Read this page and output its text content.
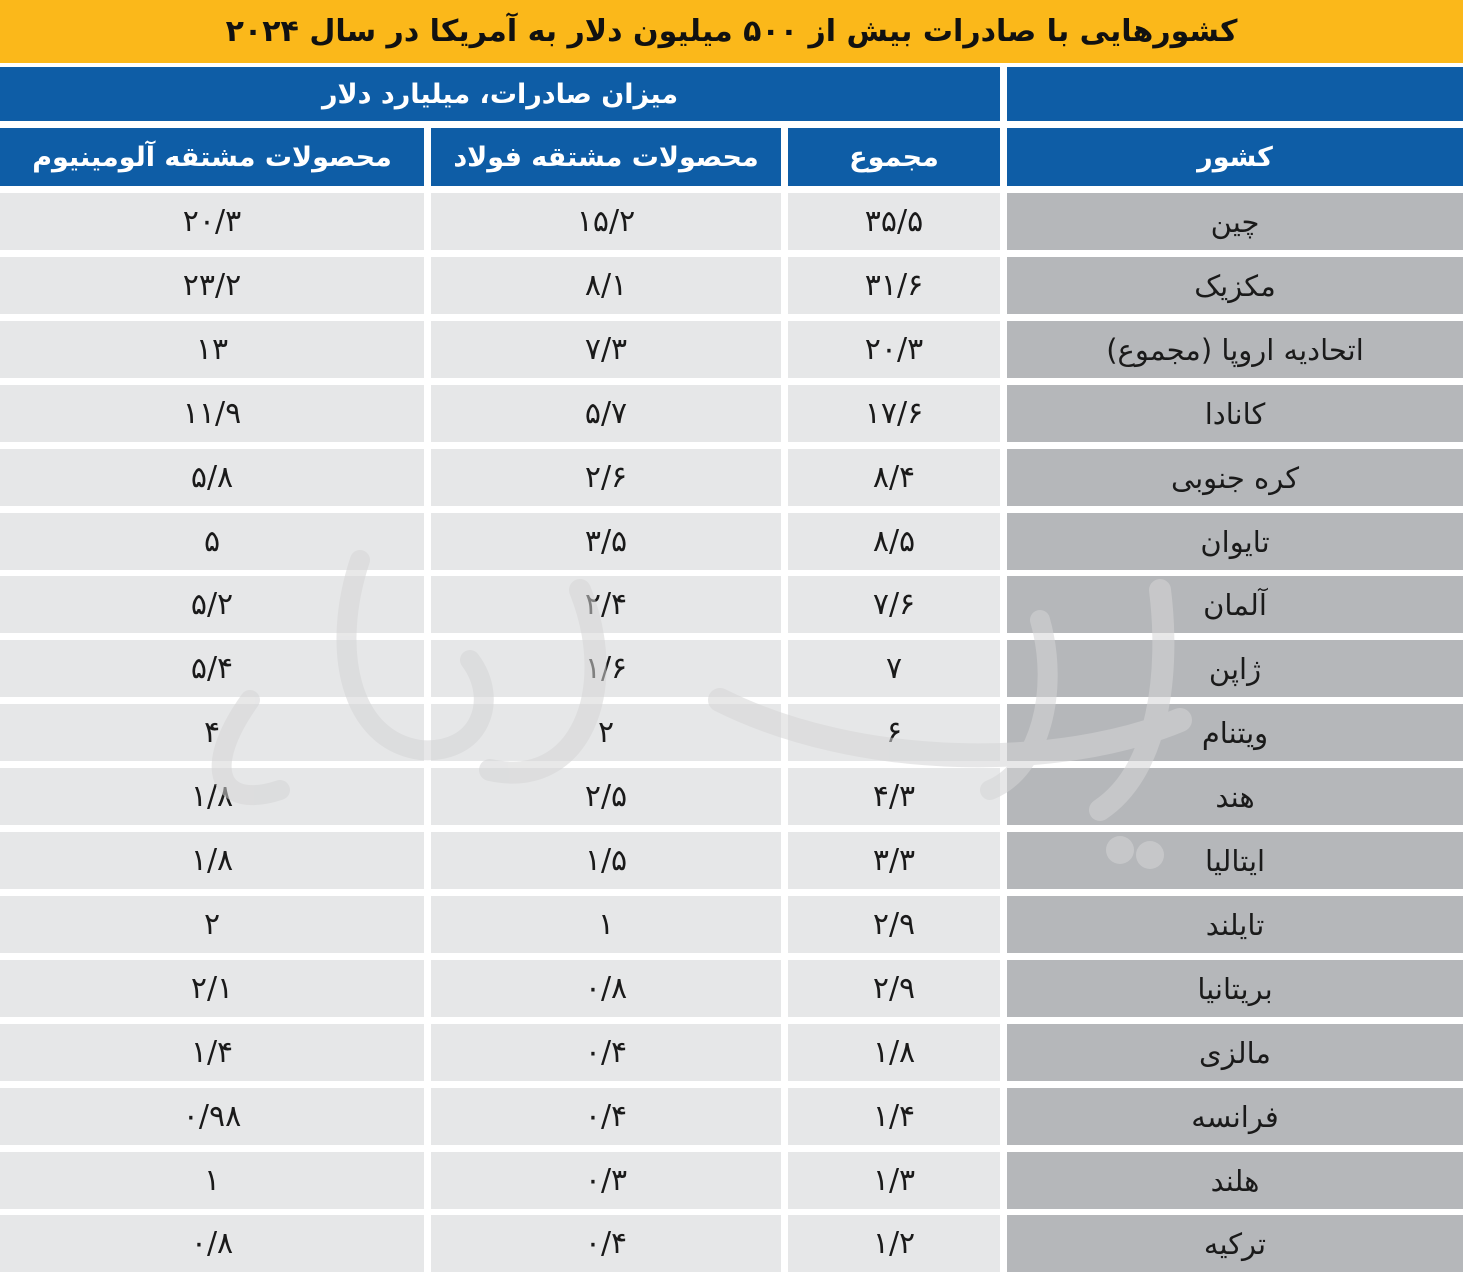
کشورهایی با صادرات بیش از ۵۰۰ میلیون دلار به آمریکا در سال ۲۰۲۴
میزان صادرات، میلیارد دلار
کشور
مجموع
محصولات مشتقه فولاد
محصولات مشتقه آلومینیوم
چین
۳۵/۵
۱۵/۲
۲۰/۳
مکزیک
۳۱/۶
۸/۱
۲۳/۲
اتحادیه اروپا (مجموع)
۲۰/۳
۷/۳
۱۳
کانادا
۱۷/۶
۵/۷
۱۱/۹
کره جنوبی
۸/۴
۲/۶
۵/۸
تایوان
۸/۵
۳/۵
۵
آلمان
۷/۶
۲/۴
۵/۲
ژاپن
۷
۱/۶
۵/۴
ویتنام
۶
۲
۴
هند
۴/۳
۲/۵
۱/۸
ایتالیا
۳/۳
۱/۵
۱/۸
تایلند
۲/۹
۱
۲
بریتانیا
۲/۹
۰/۸
۲/۱
مالزی
۱/۸
۰/۴
۱/۴
فرانسه
۱/۴
۰/۴
۰/۹۸
هلند
۱/۳
۰/۳
۱
ترکیه
۱/۲
۰/۴
۰/۸
